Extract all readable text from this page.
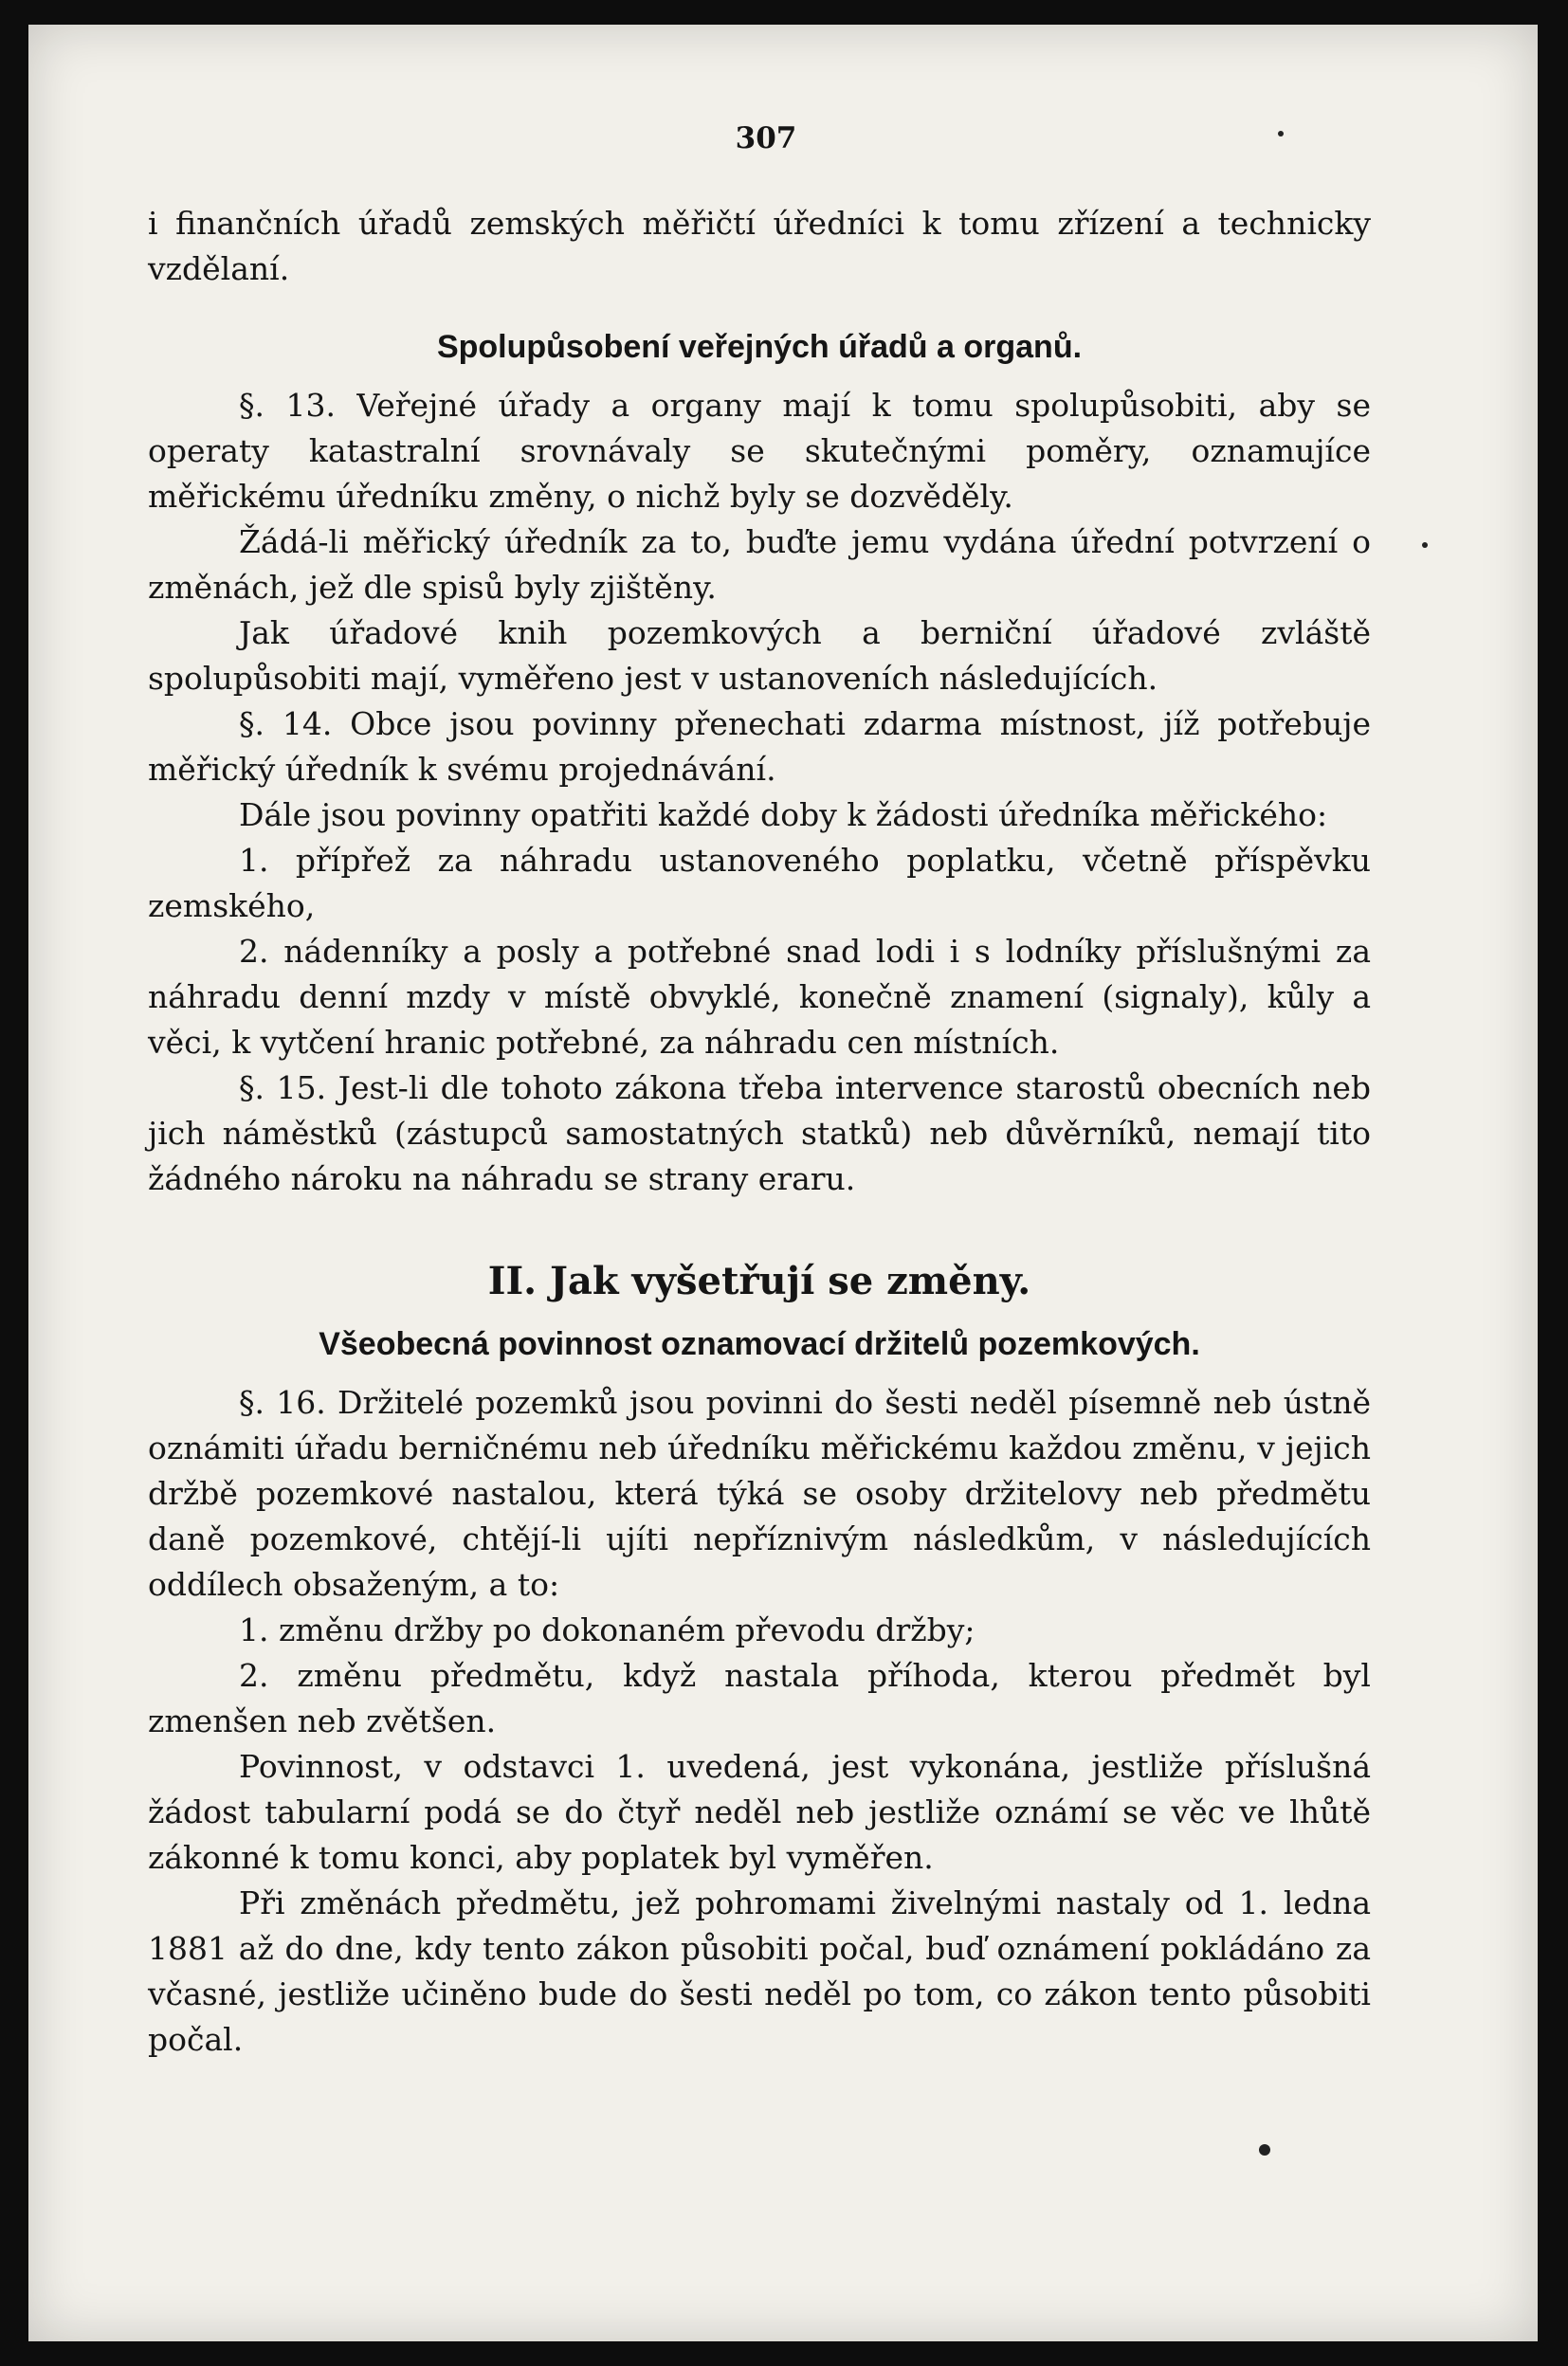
307

i finančních úřadů zemských měřičtí úředníci k tomu zřízení a technicky vzdělaní.

Spolupůsobení veřejných úřadů a organů.

§. 13. Veřejné úřady a organy mají k tomu spolupůsobiti, aby se operaty katastralní srovnávaly se skutečnými poměry, oznamujíce měřickému úředníku změny, o nichž byly se dozvěděly.

Žádá-li měřický úředník za to, buďte jemu vydána úřední potvrzení o změnách, jež dle spisů byly zjištěny.

Jak úřadové knih pozemkových a berniční úřadové zvláště spolupůsobiti mají, vyměřeno jest v ustanoveních následujících.

§. 14. Obce jsou povinny přenechati zdarma místnost, jíž potřebuje měřický úředník k svému projednávání.

Dále jsou povinny opatřiti každé doby k žádosti úředníka měřického:

1. přípřež za náhradu ustanoveného poplatku, včetně příspěvku zemského,

2. nádenníky a posly a potřebné snad lodi i s lodníky příslušnými za náhradu denní mzdy v místě obvyklé, konečně znamení (signaly), kůly a věci, k vytčení hranic potřebné, za náhradu cen místních.

§. 15. Jest-li dle tohoto zákona třeba intervence starostů obecních neb jich náměstků (zástupců samostatných statků) neb důvěrníků, nemají tito žádného nároku na náhradu se strany eraru.

II. Jak vyšetřují se změny.
Všeobecná povinnost oznamovací držitelů pozemkových.

§. 16. Držitelé pozemků jsou povinni do šesti neděl písemně neb ústně oznámiti úřadu berničnému neb úředníku měřickému každou změnu, v jejich držbě pozemkové nastalou, která týká se osoby držitelovy neb předmětu daně pozemkové, chtějí-li ujíti nepříznivým následkům, v následujících oddílech obsaženým, a to:

1. změnu držby po dokonaném převodu držby;

2. změnu předmětu, když nastala příhoda, kterou předmět byl zmenšen neb zvětšen.

Povinnost, v odstavci 1. uvedená, jest vykonána, jestliže příslušná žádost tabularní podá se do čtyř neděl neb jestliže oznámí se věc ve lhůtě zákonné k tomu konci, aby poplatek byl vyměřen.

Při změnách předmětu, jež pohromami živelnými nastaly od 1. ledna 1881 až do dne, kdy tento zákon působiti počal, buď oznámení pokládáno za včasné, jestliže učiněno bude do šesti neděl po tom, co zákon tento působiti počal.
